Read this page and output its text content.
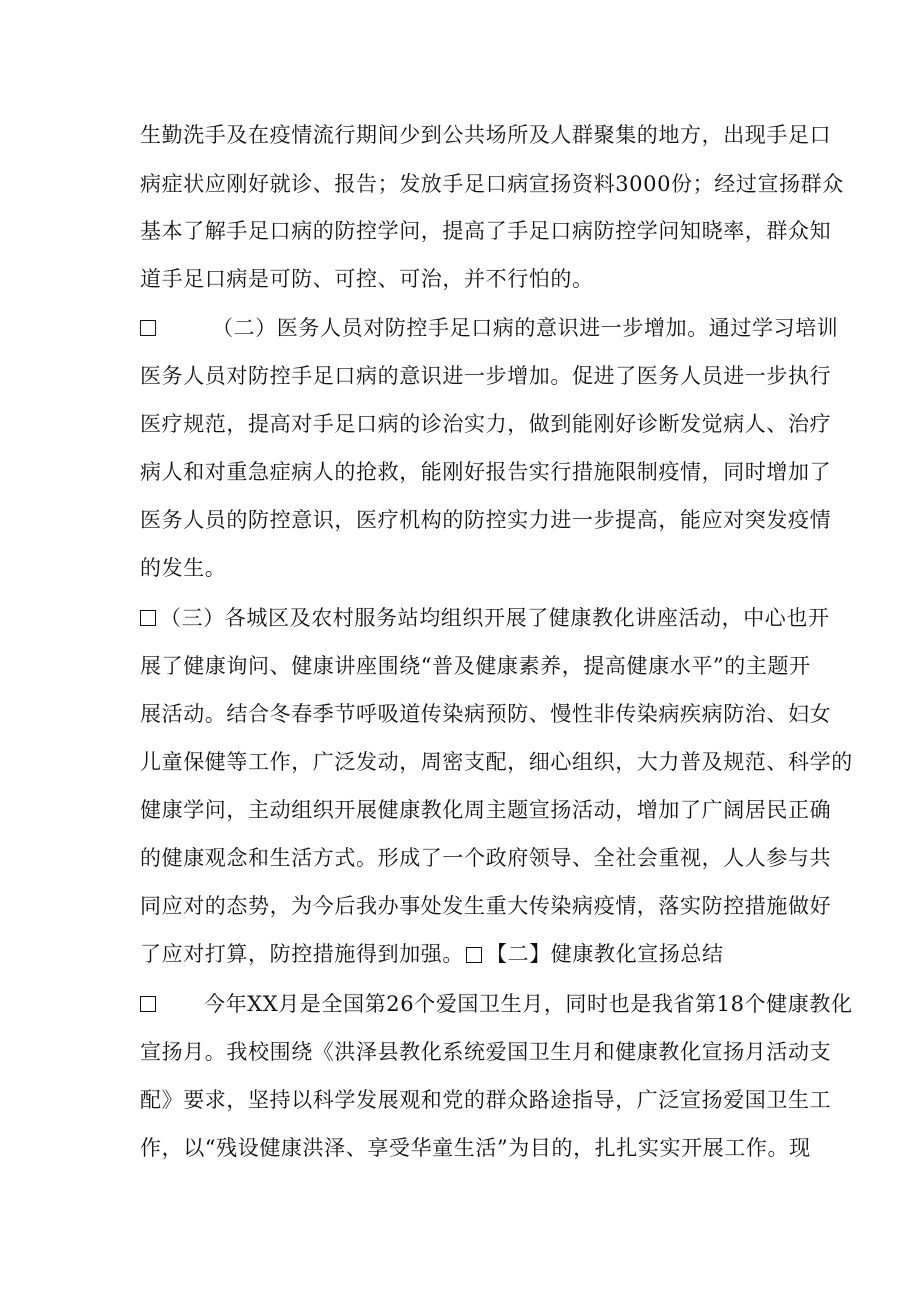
生勤洗手及在疫情流行期间少到公共场所及人群聚集的地方，出现手足口
病症状应刚好就诊、报告；发放手足口病宣扬资料3000份；经过宣扬群众
基本了解手足口病的防控学问，提高了手足口病防控学问知晓率，群众知
道手足口病是可防、可控、可治，并不行怕的。
（二）医务人员对防控手足口病的意识进一步增加。通过学习培训
医务人员对防控手足口病的意识进一步增加。促进了医务人员进一步执行
医疗规范，提高对手足口病的诊治实力，做到能刚好诊断发觉病人、治疗
病人和对重急症病人的抢救，能刚好报告实行措施限制疫情，同时增加了
医务人员的防控意识，医疗机构的防控实力进一步提高，能应对突发疫情
的发生。
（三）各城区及农村服务站均组织开展了健康教化讲座活动，中心也开
展了健康询问、健康讲座围绕“普及健康素养，提高健康水平”的主题开
展活动。结合冬春季节呼吸道传染病预防、慢性非传染病疾病防治、妇女
儿童保健等工作，广泛发动，周密支配，细心组织，大力普及规范、科学的
健康学问，主动组织开展健康教化周主题宣扬活动，增加了广阔居民正确
的健康观念和生活方式。形成了一个政府领导、全社会重视，人人参与共
同应对的态势，为今后我办事处发生重大传染病疫情，落实防控措施做好
了应对打算，防控措施得到加强。 【二】健康教化宣扬总结
今年XX月是全国第26个爱国卫生月，同时也是我省第18个健康教化
宣扬月。我校围绕《洪泽县教化系统爱国卫生月和健康教化宣扬月活动支
配》要求，坚持以科学发展观和党的群众路途指导，广泛宣扬爱国卫生工
作，以“残设健康洪泽、享受华童生活”为目的，扎扎实实开展工作。现
